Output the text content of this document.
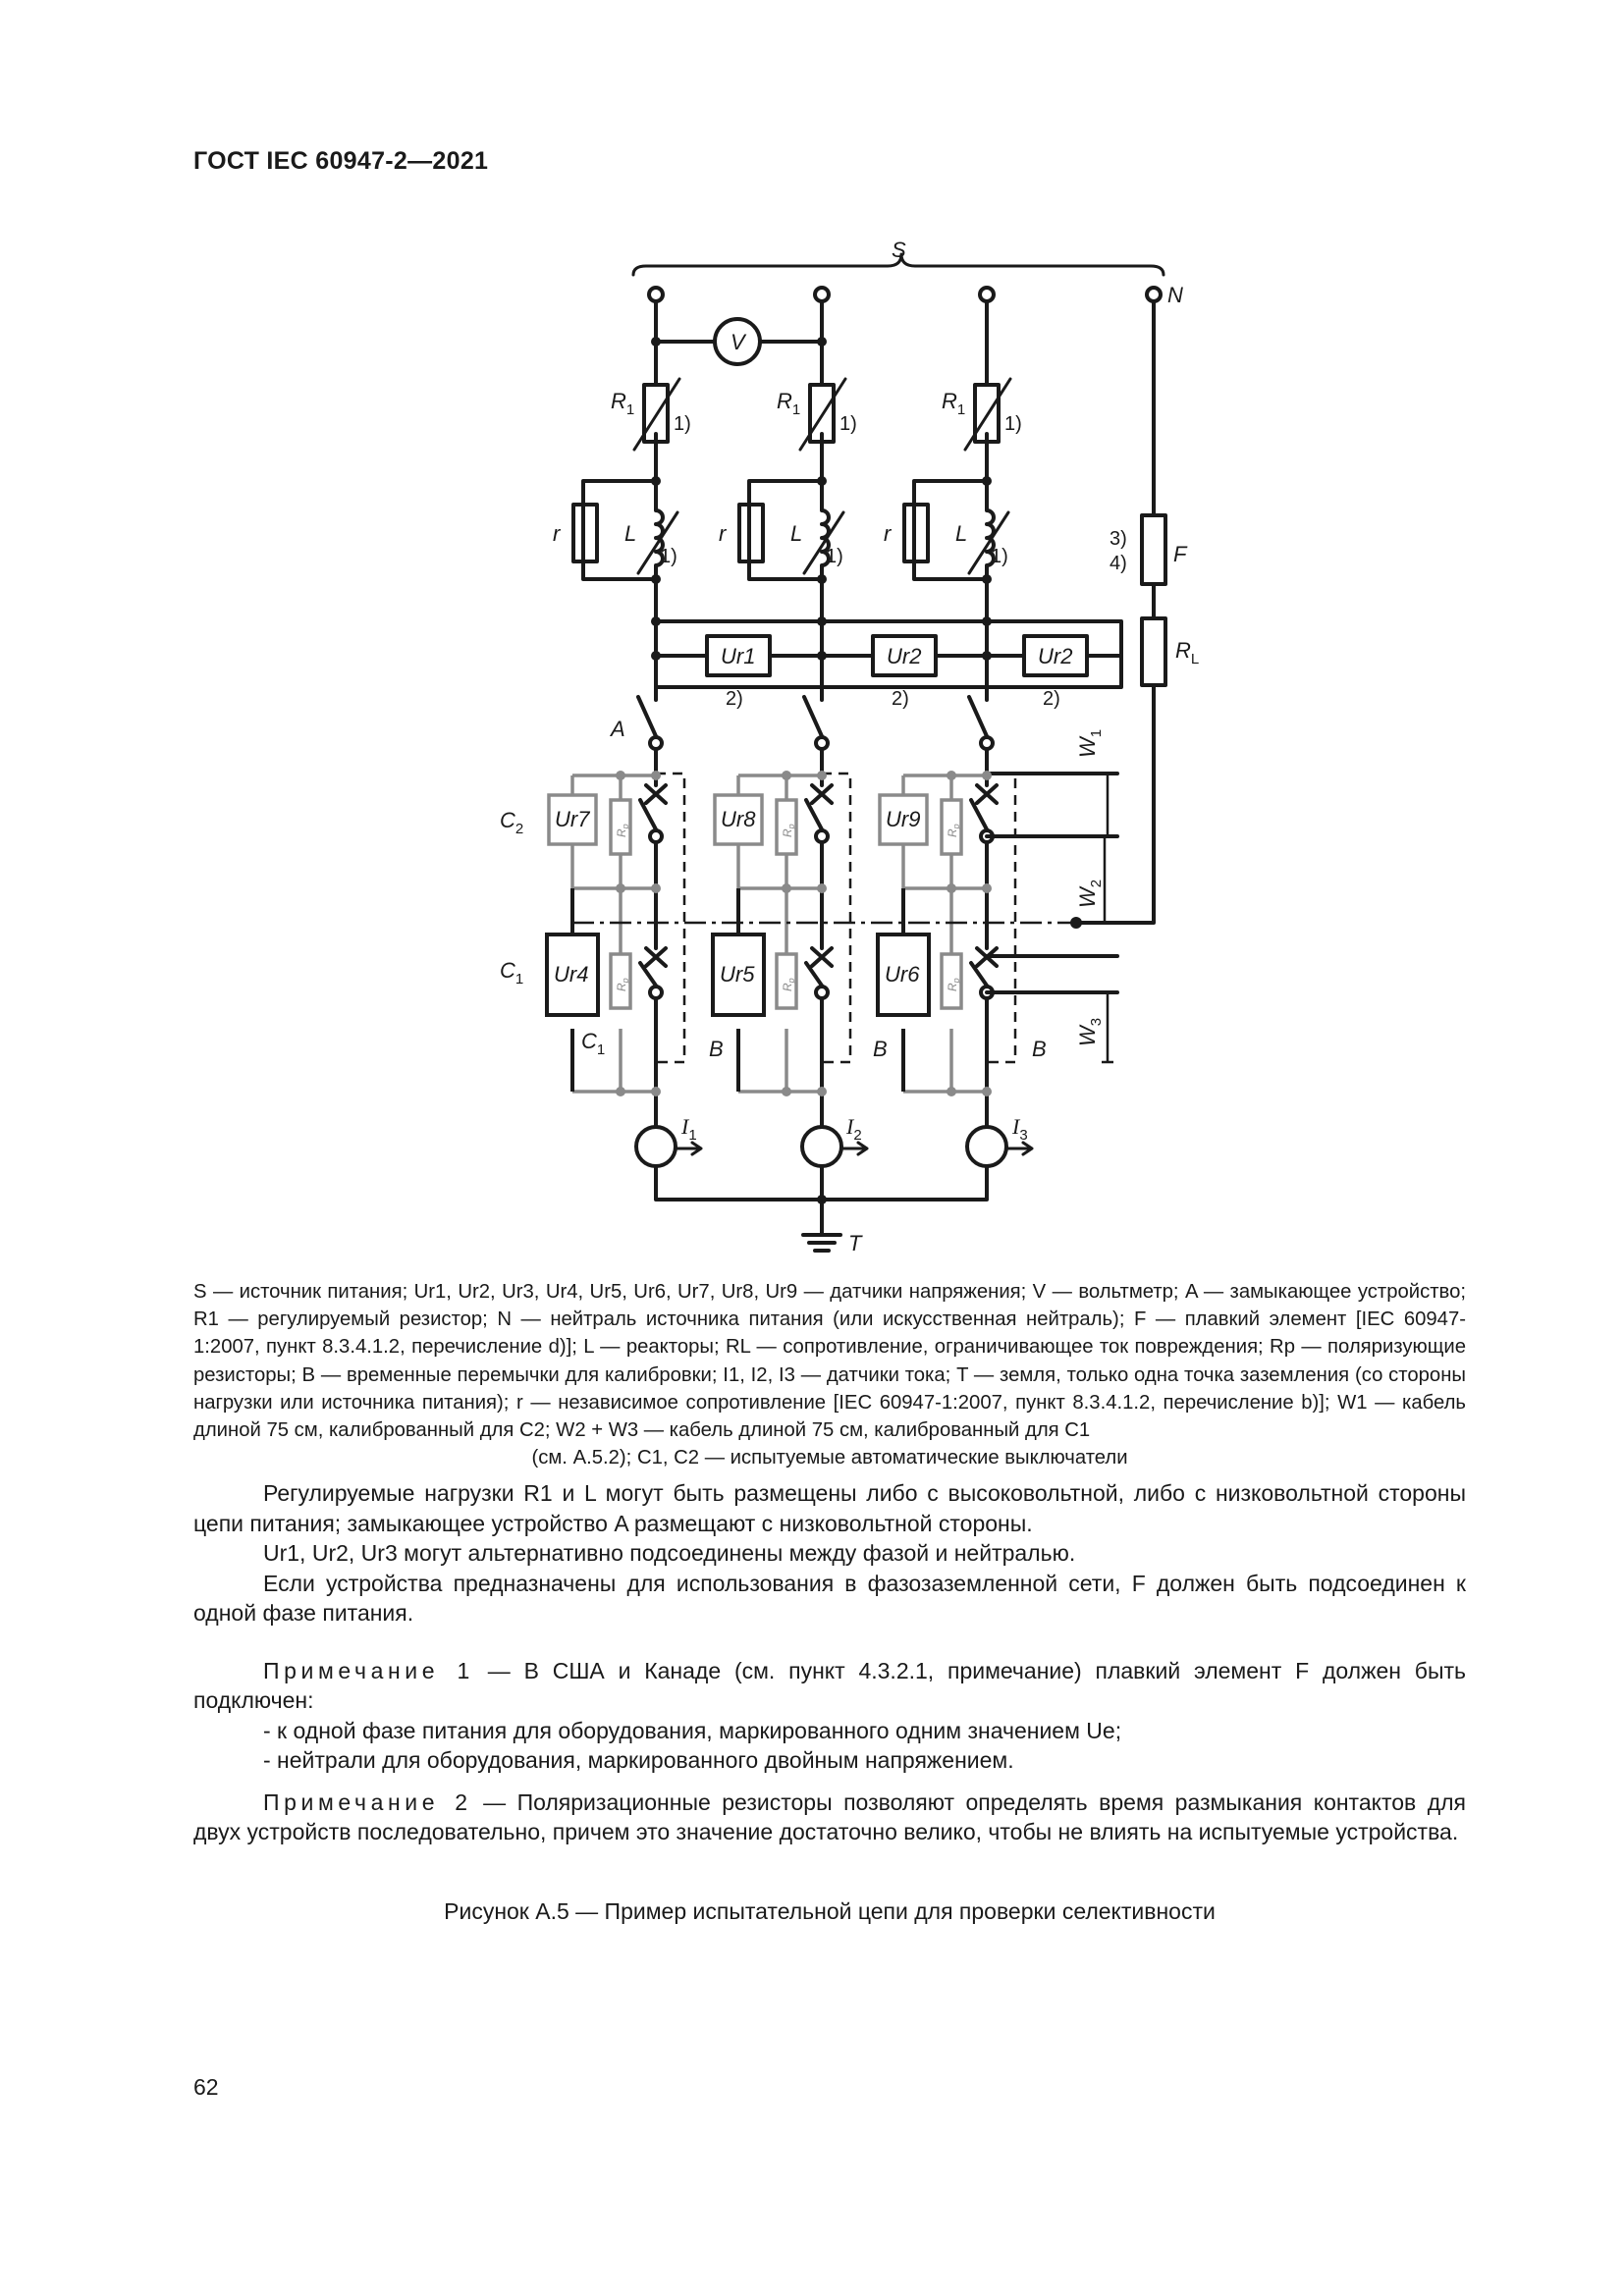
ГОСТ IEC 60947-2—2021
S
N
V
$R_1$	$R_1$	$R_1$
r	r	r
L	L	L
F
$R_L$
Ur1	Ur2	Ur2
A
$C_2$ Ur7	Ur8	Ur9
$C_1$ Ur4	Ur5	Ur6
$C_1$	B	B	B
$I_1$	$I_2$	$I_3$
T
$W_1$
$W_2$
$W_3$
1)	1)	1)
1)	1)	1)
3)
4)
2)	2)	2)
$R_p$
$R_p$
$R_p$
$R_p$
$R_p$
$R_p$
S — источник питания; Ur1, Ur2, Ur3, Ur4, Ur5, Ur6, Ur7, Ur8, Ur9 — датчики напряжения; V — вольтметр; A — замыкающее устройство; R1 — регулируемый резистор; N — нейтраль источника питания (или искусственная нейтраль); F — плавкий элемент [IEC 60947-1:2007, пункт 8.3.4.1.2, перечисление d)]; L — реакторы; RL — сопротивление, ограничивающее ток повреждения; Rp — поляризующие резисторы; B — временные перемычки для калибровки; I1, I2, I3 — датчики тока; T — земля, только одна точка заземления (со стороны нагрузки или источника питания); r — независимое сопротивление [IEC 60947-1:2007, пункт 8.3.4.1.2, перечисление b)]; W1 — кабель длиной 75 см, калиброванный для C2; W2 + W3 — кабель длиной 75 см, калиброванный для C1
(см. A.5.2); C1, C2 — испытуемые автоматические выключатели

Регулируемые нагрузки R1 и L могут быть размещены либо с высоковольтной, либо с низковольтной стороны цепи питания; замыкающее устройство A размещают с низковольтной стороны.

Ur1, Ur2, Ur3 могут альтернативно подсоединены между фазой и нейтралью.

Если устройства предназначены для использования в фазозаземленной сети, F должен быть подсоединен к одной фазе питания.

Примечание 1 — В США и Канаде (см. пункт 4.3.2.1, примечание) плавкий элемент F должен быть подключен:

- к одной фазе питания для оборудования, маркированного одним значением Ue;

- нейтрали для оборудования, маркированного двойным напряжением.

Примечание 2 — Поляризационные резисторы позволяют определять время размыкания контактов для двух устройств последовательно, причем это значение достаточно велико, чтобы не влиять на испытуемые устройства.

Рисунок А.5 — Пример испытательной цепи для проверки селективности
62
